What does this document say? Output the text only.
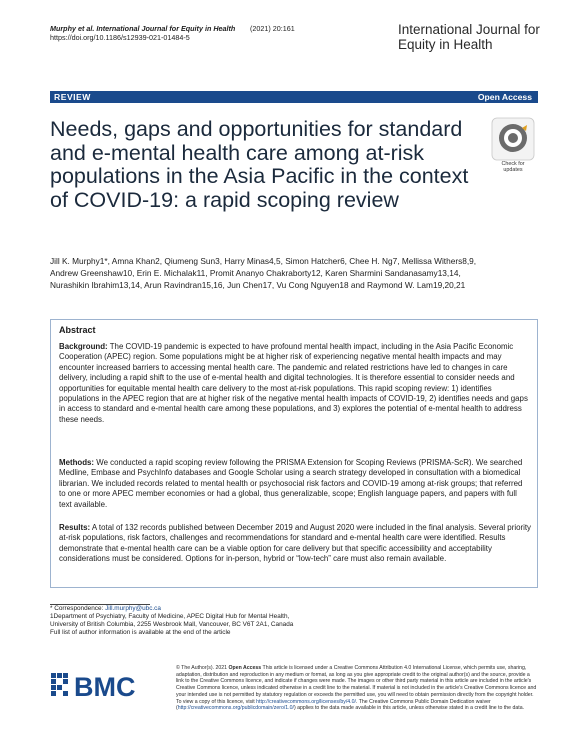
Murphy et al. International Journal for Equity in Health
https://doi.org/10.1186/s12939-021-01484-5
(2021) 20:161	International Journal for Equity in Health
REVIEW	Open Access
Needs, gaps and opportunities for standard and e-mental health care among at-risk populations in the Asia Pacific in the context of COVID-19: a rapid scoping review
Check for
updates
Jill K. Murphy1*, Amna Khan2, Qiumeng Sun3, Harry Minas4,5, Simon Hatcher6, Chee H. Ng7, Mellissa Withers8,9,
Andrew Greenshaw10, Erin E. Michalak11, Promit Ananyo Chakraborty12, Karen Sharmini Sandanasamy13,14,
Nurashikin Ibrahim13,14, Arun Ravindran15,16, Jun Chen17, Vu Cong Nguyen18 and Raymond W. Lam19,20,21
Abstract
Background: The COVID-19 pandemic is expected to have profound mental health impact, including in the Asia Pacific Economic Cooperation (APEC) region. Some populations might be at higher risk of experiencing negative mental health impacts and may encounter increased barriers to accessing mental health care. The pandemic and related restrictions have led to changes in care delivery, including a rapid shift to the use of e-mental health and digital technologies. It is therefore essential to consider needs and opportunities for equitable mental health care delivery to the most at-risk populations. This rapid scoping review: 1) identifies populations in the APEC region that are at higher risk of the negative mental health impacts of COVID-19, 2) identifies needs and gaps in access to standard and e-mental health care among these populations, and 3) explores the potential of e-mental health to address these needs.
Methods: We conducted a rapid scoping review following the PRISMA Extension for Scoping Reviews (PRISMA-ScR). We searched Medline, Embase and PsychInfo databases and Google Scholar using a search strategy developed in consultation with a biomedical librarian. We included records related to mental health or psychosocial risk factors and COVID-19 among at-risk groups; that referred to one or more APEC member economies or had a global, thus generalizable, scope; English language papers, and papers with full text available.
Results: A total of 132 records published between December 2019 and August 2020 were included in the final analysis. Several priority at-risk populations, risk factors, challenges and recommendations for standard and e-mental health care were identified. Results demonstrate that e-mental health care can be a viable option for care delivery but that specific accessibility and acceptability considerations must be considered. Options for in-person, hybrid or “low-tech” care must also remain available.
* Correspondence: Jill.murphy@ubc.ca
1Department of Psychiatry, Faculty of Medicine, APEC Digital Hub for Mental Health, University of British Columbia, 2255 Wesbrook Mall, Vancouver, BC V6T 2A1, Canada
Full list of author information is available at the end of the article
BMC
© The Author(s). 2021 Open Access This article is licensed under a Creative Commons Attribution 4.0 International License, which permits use, sharing, adaptation, distribution and reproduction in any medium or format, as long as you give appropriate credit to the original author(s) and the source, provide a link to the Creative Commons licence, and indicate if changes were made. The images or other third party material in this article are included in the article's Creative Commons licence, unless indicated otherwise in a credit line to the material. If material is not included in the article's Creative Commons licence and your intended use is not permitted by statutory regulation or exceeds the permitted use, you will need to obtain permission directly from the copyright holder. To view a copy of this licence, visit http://creativecommons.org/licenses/by/4.0/. The Creative Commons Public Domain Dedication waiver (http://creativecommons.org/publicdomain/zero/1.0/) applies to the data made available in this article, unless otherwise stated in a credit line to the data.
